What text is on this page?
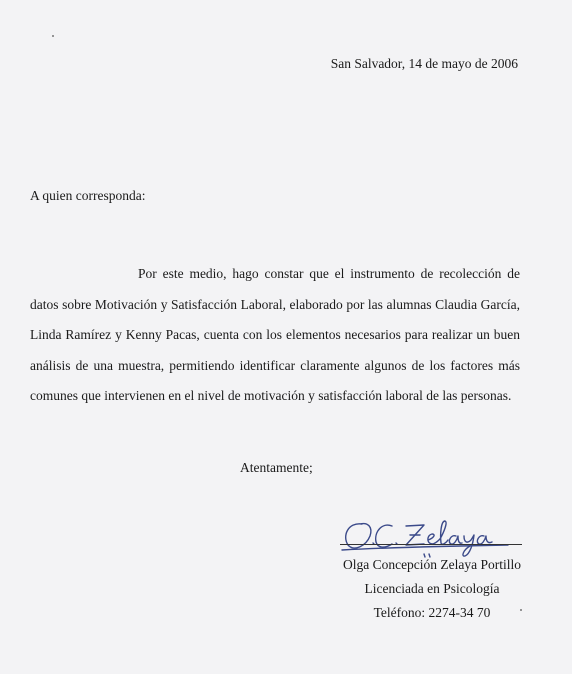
San Salvador, 14 de mayo de 2006
A quien corresponda:
Por este medio, hago constar que el instrumento de recolección de
datos sobre Motivación y Satisfacción Laboral, elaborado por las alumnas Claudia García,
Linda Ramírez y Kenny Pacas, cuenta con los elementos necesarios para realizar un buen
análisis de una muestra, permitiendo identificar claramente algunos de los factores más
comunes que intervienen en el nivel de motivación y satisfacción laboral de las personas.
Atentamente;
Olga Concepción Zelaya Portillo
Licenciada en Psicología
Teléfono: 2274-34 70
